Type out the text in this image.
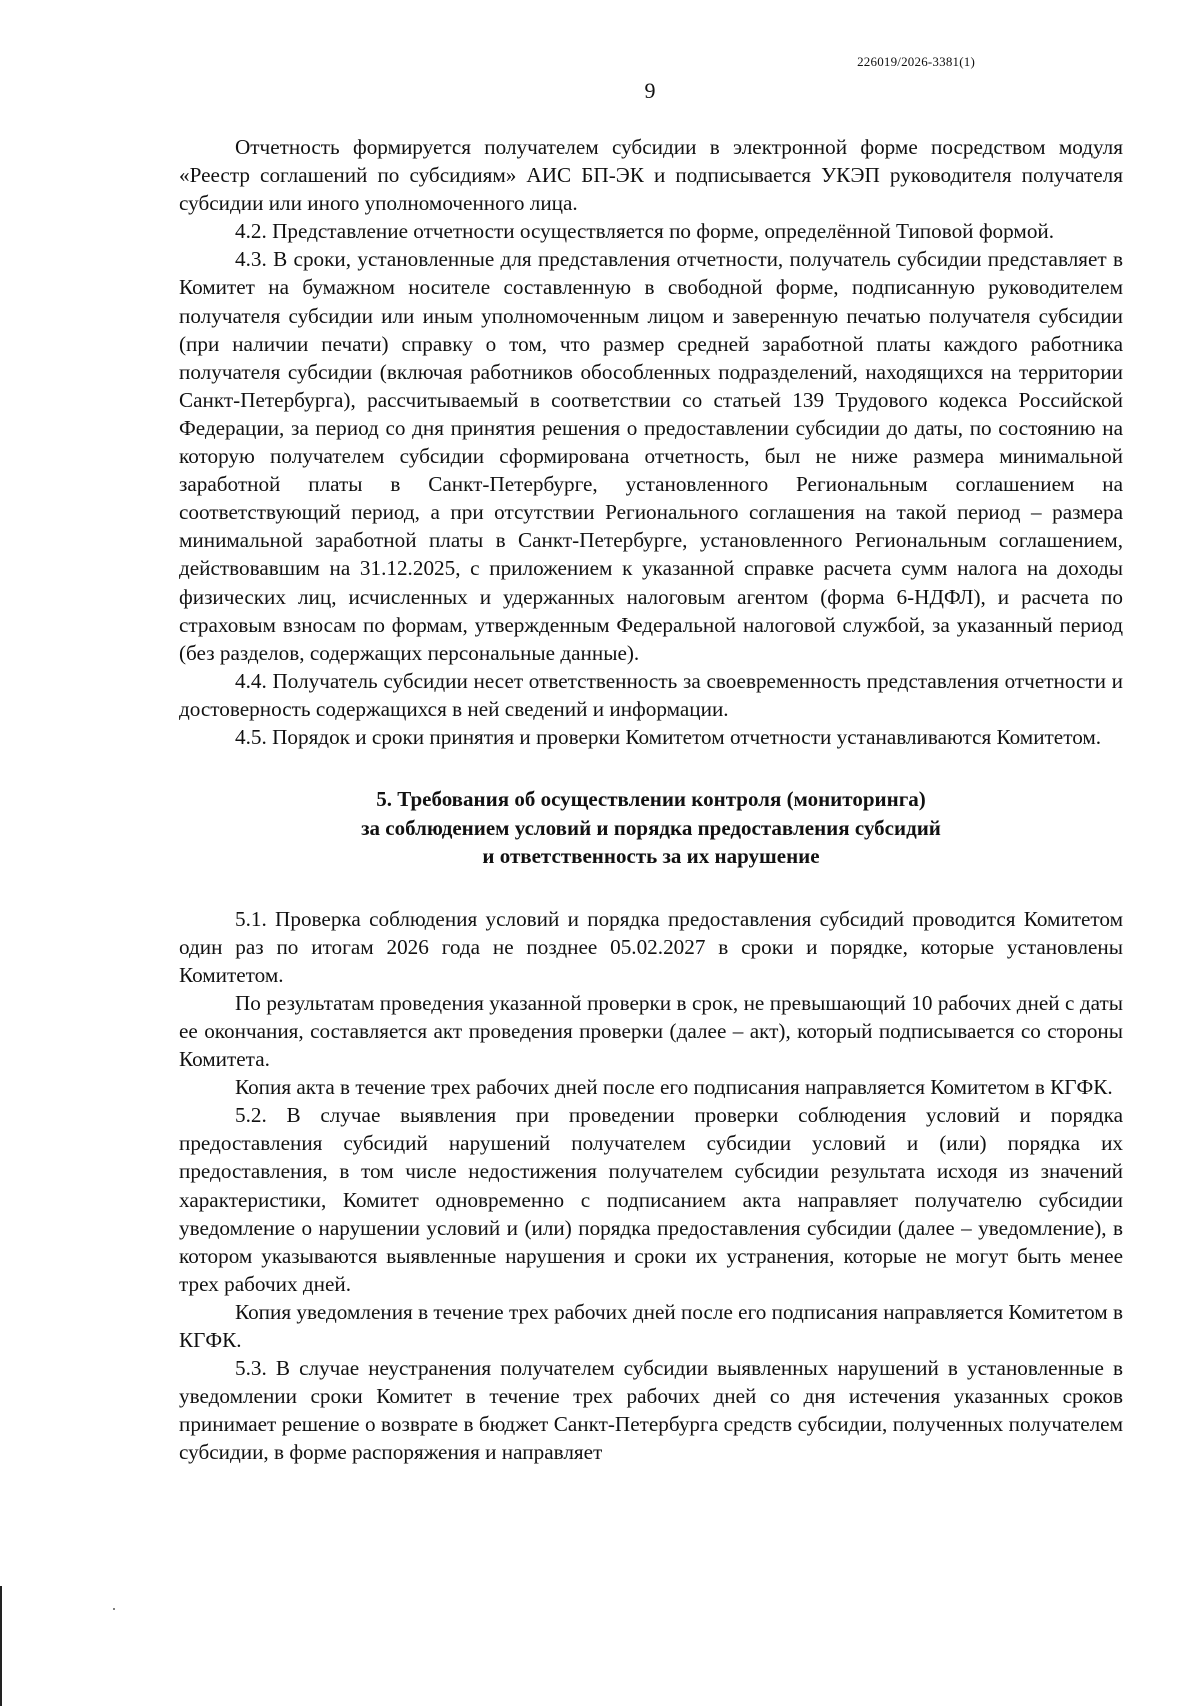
226019/2026-3381(1)
9

Отчетность формируется получателем субсидии в электронной форме посредством модуля «Реестр соглашений по субсидиям» АИС БП-ЭК и подписывается УКЭП руководителя получателя субсидии или иного уполномоченного лица.

4.2. Представление отчетности осуществляется по форме, определённой Типовой формой.

4.3. В сроки, установленные для представления отчетности, получатель субсидии представляет в Комитет на бумажном носителе составленную в свободной форме, подписанную руководителем получателя субсидии или иным уполномоченным лицом и заверенную печатью получателя субсидии (при наличии печати) справку о том, что размер средней заработной платы каждого работника получателя субсидии (включая работников обособленных подразделений, находящихся на территории Санкт-Петербурга), рассчитываемый в соответствии со статьей 139 Трудового кодекса Российской Федерации, за период со дня принятия решения о предоставлении субсидии до даты, по состоянию на которую получателем субсидии сформирована отчетность, был не ниже размера минимальной заработной платы в Санкт-Петербурге, установленного Региональным соглашением на соответствующий период, а при отсутствии Регионального соглашения на такой период – размера минимальной заработной платы в Санкт-Петербурге, установленного Региональным соглашением, действовавшим на 31.12.2025, с приложением к указанной справке расчета сумм налога на доходы физических лиц, исчисленных и удержанных налоговым агентом (форма 6-НДФЛ), и расчета по страховым взносам по формам, утвержденным Федеральной налоговой службой, за указанный период (без разделов, содержащих персональные данные).

4.4. Получатель субсидии несет ответственность за своевременность представления отчетности и достоверность содержащихся в ней сведений и информации.

4.5. Порядок и сроки принятия и проверки Комитетом отчетности устанавливаются Комитетом.

5. Требования об осуществлении контроля (мониторинга)
за соблюдением условий и порядка предоставления субсидий
и ответственность за их нарушение

5.1. Проверка соблюдения условий и порядка предоставления субсидий проводится Комитетом один раз по итогам 2026 года не позднее 05.02.2027 в сроки и порядке, которые установлены Комитетом.

По результатам проведения указанной проверки в срок, не превышающий 10 рабочих дней с даты ее окончания, составляется акт проведения проверки (далее – акт), который подписывается со стороны Комитета.

Копия акта в течение трех рабочих дней после его подписания направляется Комитетом в КГФК.

5.2. В случае выявления при проведении проверки соблюдения условий и порядка предоставления субсидий нарушений получателем субсидии условий и (или) порядка их предоставления, в том числе недостижения получателем субсидии результата исходя из значений характеристики, Комитет одновременно с подписанием акта направляет получателю субсидии уведомление о нарушении условий и (или) порядка предоставления субсидии (далее – уведомление), в котором указываются выявленные нарушения и сроки их устранения, которые не могут быть менее трех рабочих дней.

Копия уведомления в течение трех рабочих дней после его подписания направляется Комитетом в КГФК.

5.3. В случае неустранения получателем субсидии выявленных нарушений в установленные в уведомлении сроки Комитет в течение трех рабочих дней со дня истечения указанных сроков принимает решение о возврате в бюджет Санкт-Петербурга средств субсидии, полученных получателем субсидии, в форме распоряжения и направляет
